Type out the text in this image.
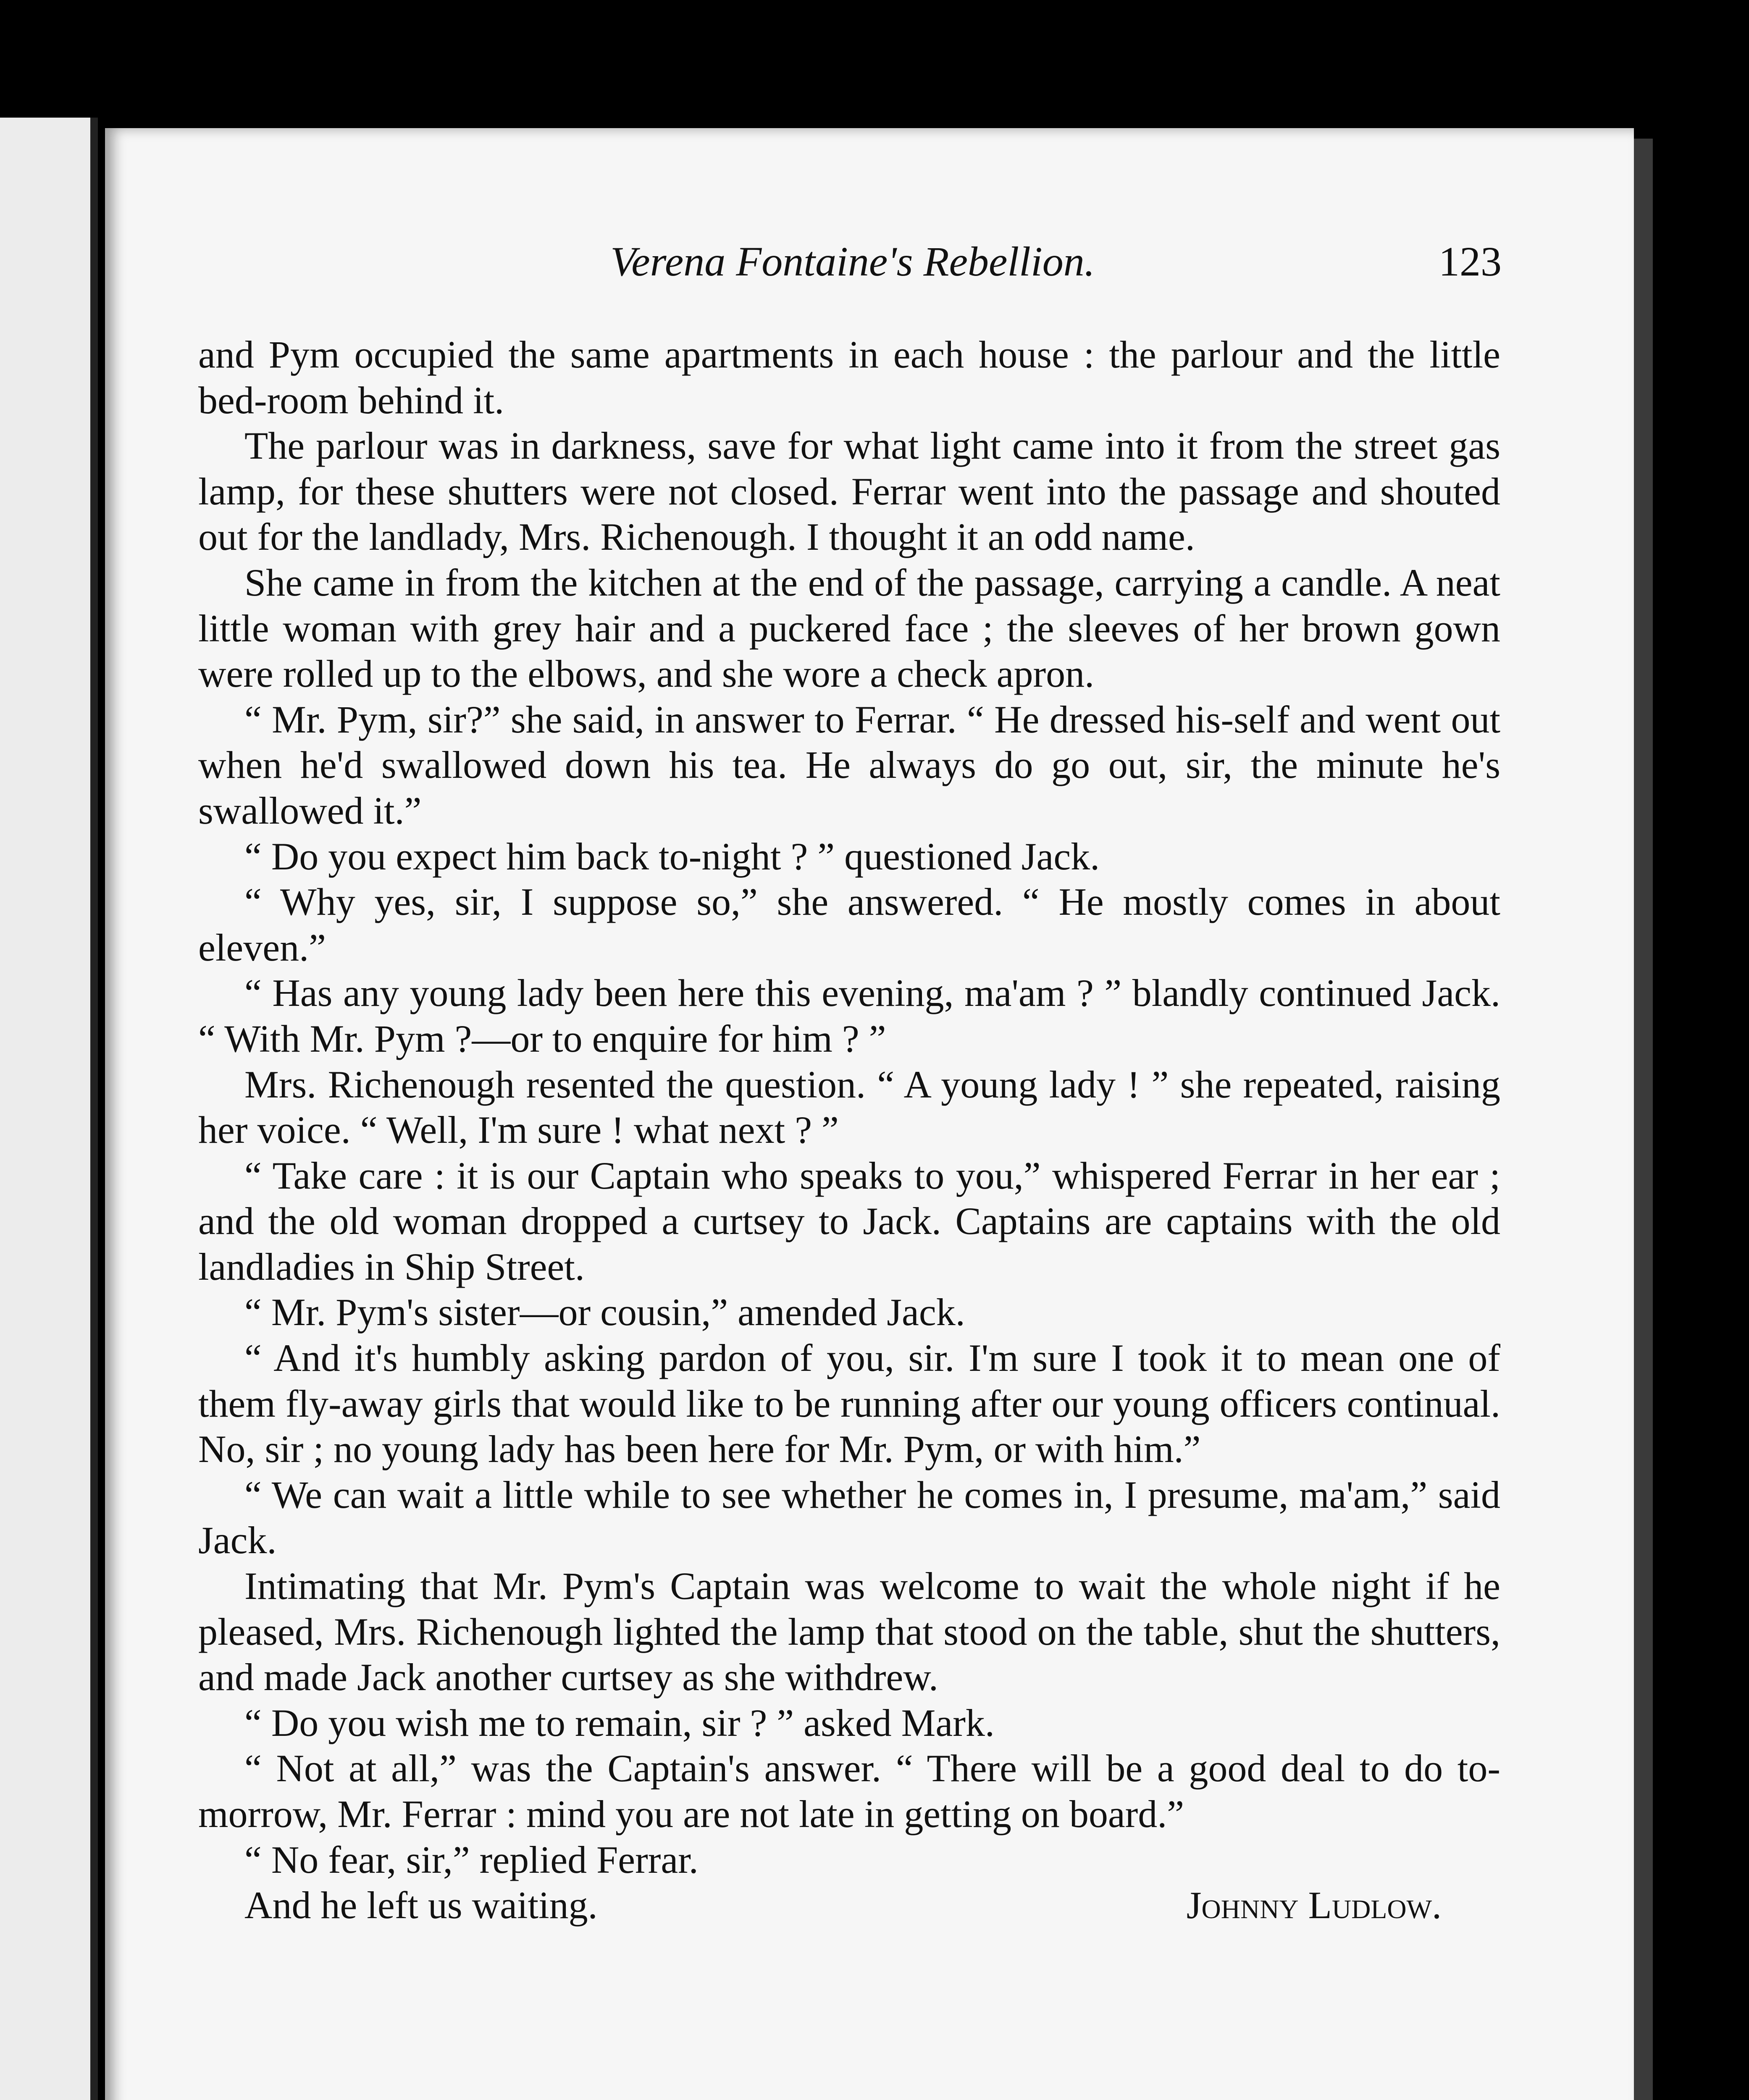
Verena Fontaine's Rebellion.	123

and Pym occupied the same apartments in each house : the parlour and the little bed-room behind it.

The parlour was in darkness, save for what light came into it from the street gas lamp, for these shutters were not closed. Ferrar went into the passage and shouted out for the landlady, Mrs. Richenough. I thought it an odd name.

She came in from the kitchen at the end of the passage, carrying a candle. A neat little woman with grey hair and a puckered face ; the sleeves of her brown gown were rolled up to the elbows, and she wore a check apron.

“ Mr. Pym, sir?” she said, in answer to Ferrar. “ He dressed his-self and went out when he'd swallowed down his tea. He always do go out, sir, the minute he's swallowed it.”

“ Do you expect him back to-night ? ” questioned Jack.

“ Why yes, sir, I suppose so,” she answered. “ He mostly comes in about eleven.”

“ Has any young lady been here this evening, ma'am ? ” blandly continued Jack. “ With Mr. Pym ?—or to enquire for him ? ”

Mrs. Richenough resented the question. “ A young lady ! ” she repeated, raising her voice. “ Well, I'm sure ! what next ? ”

“ Take care : it is our Captain who speaks to you,” whispered Ferrar in her ear ; and the old woman dropped a curtsey to Jack. Captains are captains with the old landladies in Ship Street.

“ Mr. Pym's sister—or cousin,” amended Jack.

“ And it's humbly asking pardon of you, sir. I'm sure I took it to mean one of them fly-away girls that would like to be running after our young officers continual. No, sir ; no young lady has been here for Mr. Pym, or with him.”

“ We can wait a little while to see whether he comes in, I presume, ma'am,” said Jack.

Intimating that Mr. Pym's Captain was welcome to wait the whole night if he pleased, Mrs. Richenough lighted the lamp that stood on the table, shut the shutters, and made Jack another curtsey as she withdrew.

“ Do you wish me to remain, sir ? ” asked Mark.

“ Not at all,” was the Captain's answer. “ There will be a good deal to do to-morrow, Mr. Ferrar : mind you are not late in getting on board.”

“ No fear, sir,” replied Ferrar.

And he left us waiting.	Johnny Ludlow.
